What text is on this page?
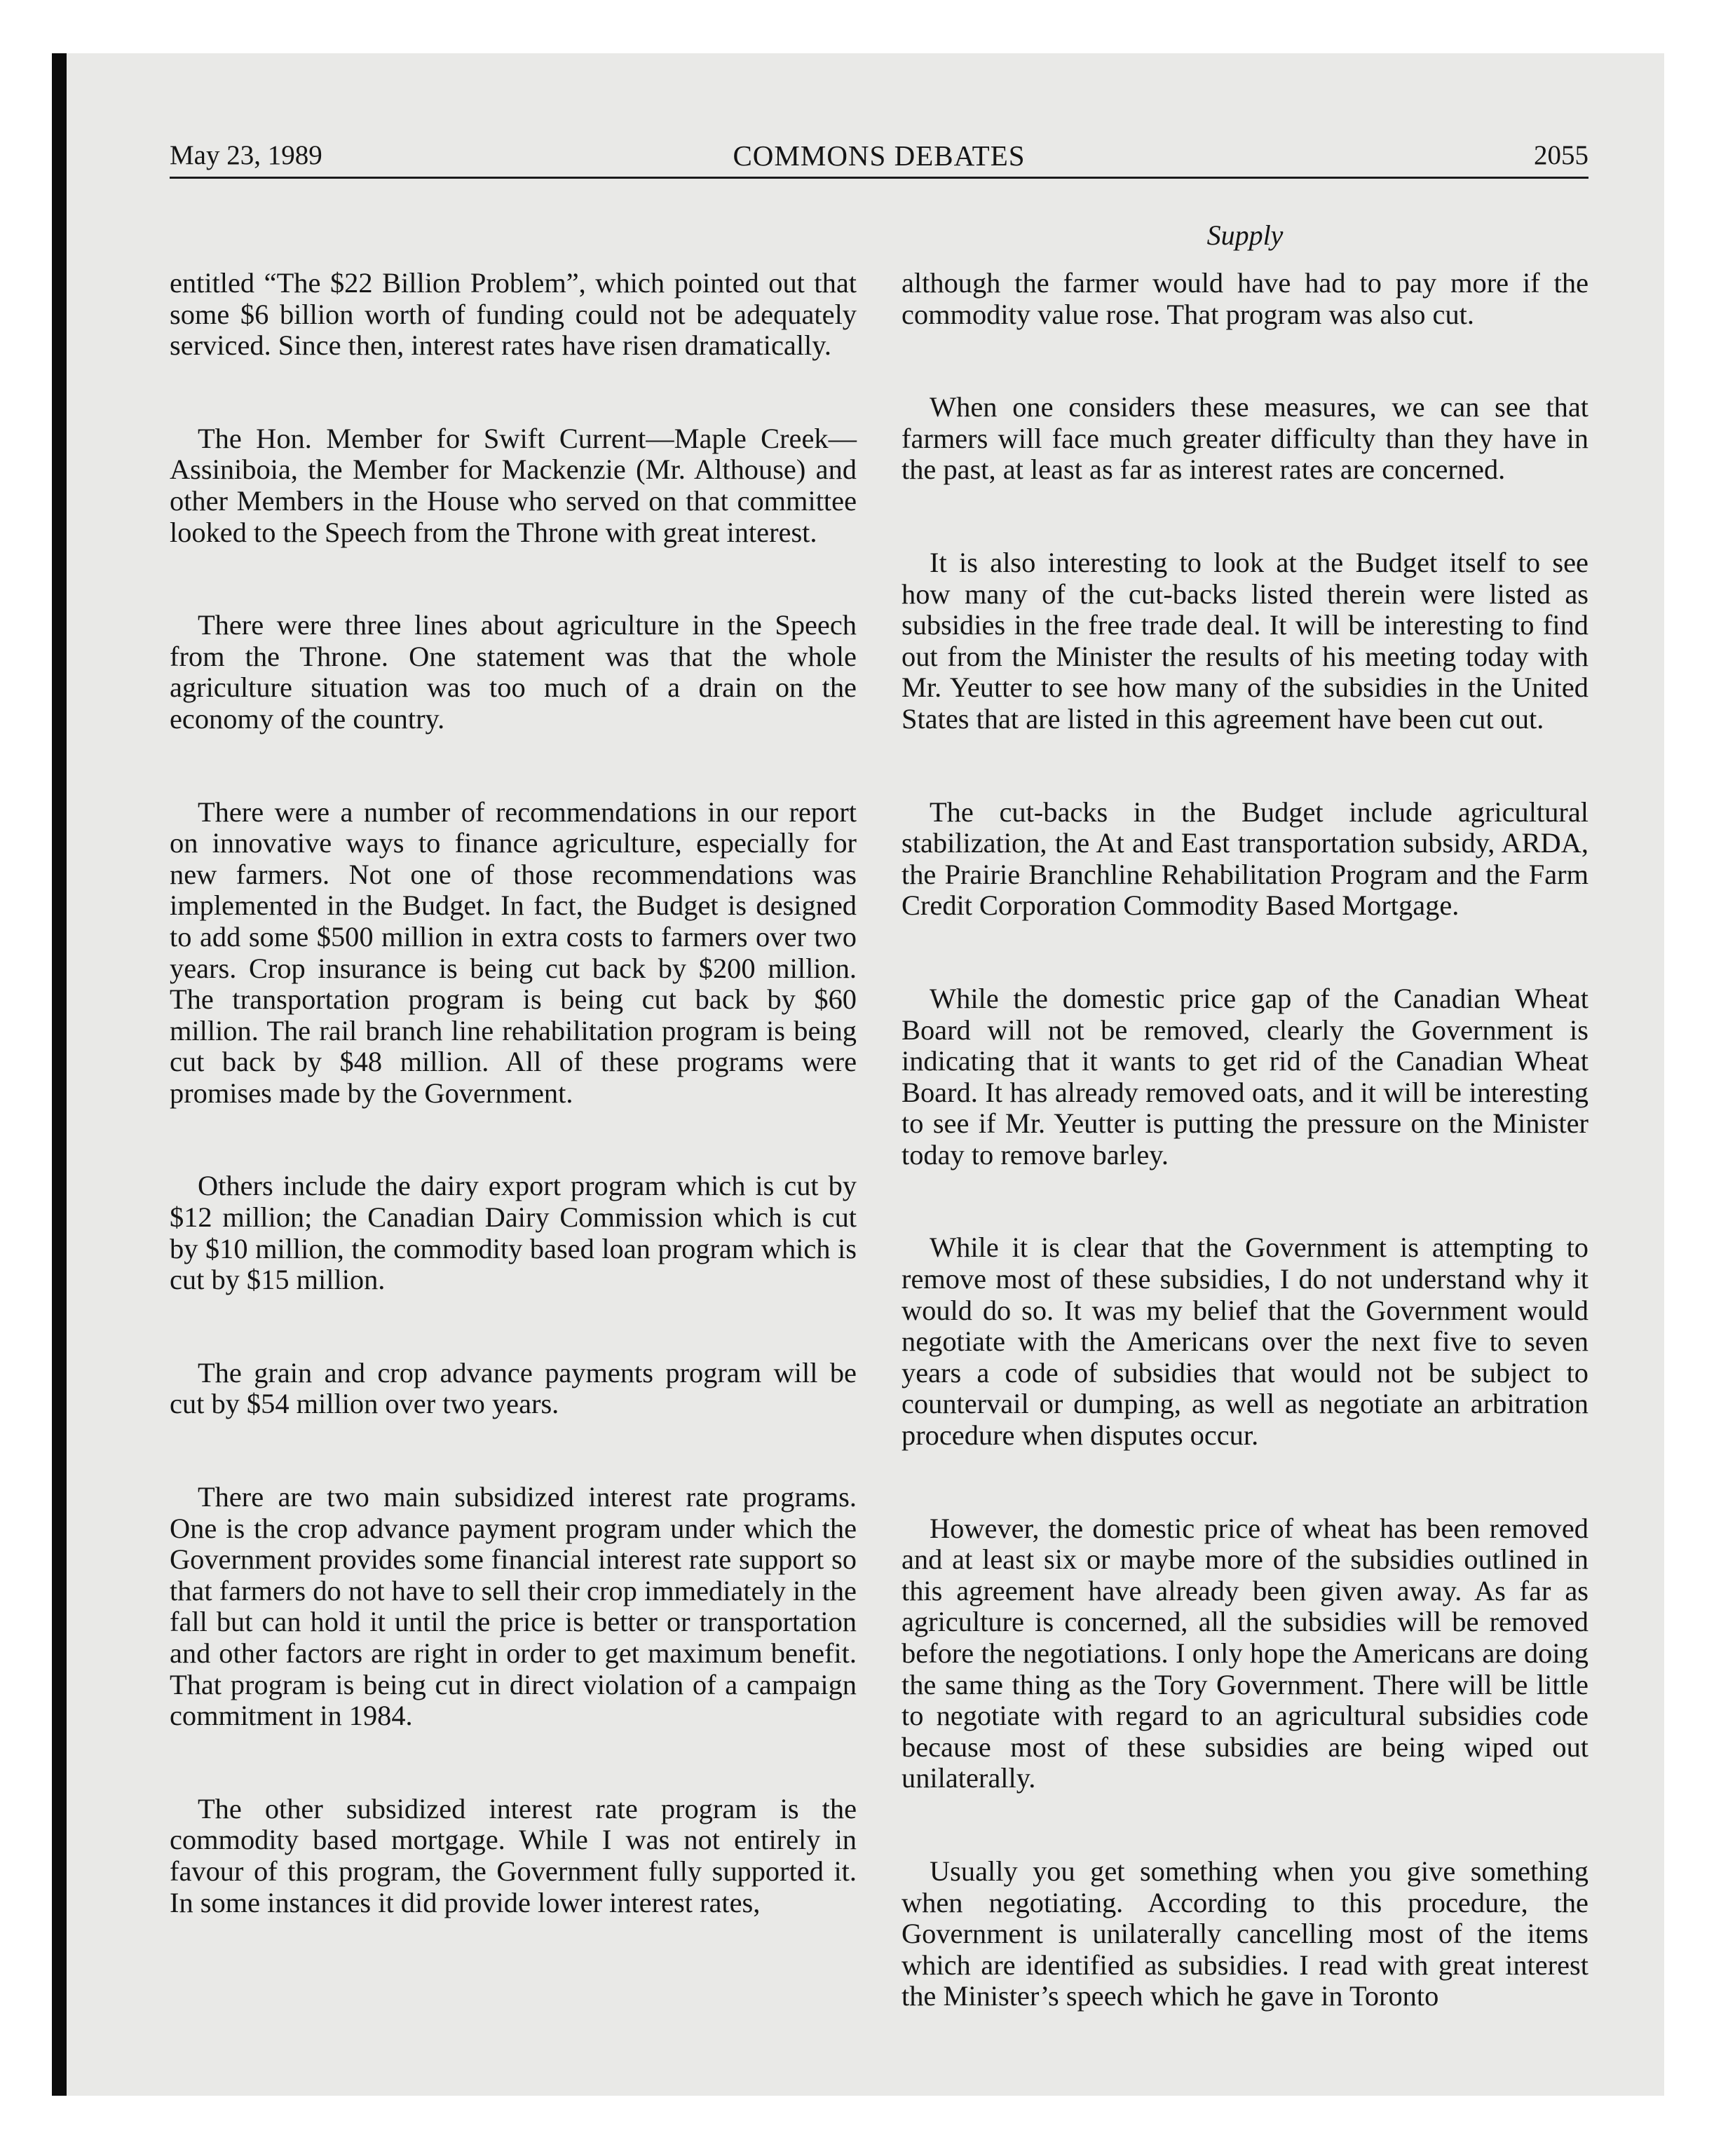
May 23, 1989	COMMONS DEBATES	2055
Supply

entitled “The $22 Billion Problem”, which pointed out that some $6 billion worth of funding could not be adequately serviced. Since then, interest rates have risen dramatically.

The Hon. Member for Swift Current—Maple Creek—Assiniboia, the Member for Mackenzie (Mr. Althouse) and other Members in the House who served on that committee looked to the Speech from the Throne with great interest.

There were three lines about agriculture in the Speech from the Throne. One statement was that the whole agriculture situation was too much of a drain on the economy of the country.

There were a number of recommendations in our report on innovative ways to finance agriculture, especially for new farmers. Not one of those recommendations was implemented in the Budget. In fact, the Budget is designed to add some $500 million in extra costs to farmers over two years. Crop insurance is being cut back by $200 million. The transportation program is being cut back by $60 million. The rail branch line rehabilitation program is being cut back by $48 million. All of these programs were promises made by the Government.

Others include the dairy export program which is cut by $12 million; the Canadian Dairy Commission which is cut by $10 million, the commodity based loan program which is cut by $15 million.

The grain and crop advance payments program will be cut by $54 million over two years.

There are two main subsidized interest rate programs. One is the crop advance payment program under which the Government provides some financial interest rate support so that farmers do not have to sell their crop immediately in the fall but can hold it until the price is better or transportation and other factors are right in order to get maximum benefit. That program is being cut in direct violation of a campaign commitment in 1984.

The other subsidized interest rate program is the commodity based mortgage. While I was not entirely in favour of this program, the Government fully supported it. In some instances it did provide lower interest rates,

although the farmer would have had to pay more if the commodity value rose. That program was also cut.

When one considers these measures, we can see that farmers will face much greater difficulty than they have in the past, at least as far as interest rates are concerned.

It is also interesting to look at the Budget itself to see how many of the cut-backs listed therein were listed as subsidies in the free trade deal. It will be interesting to find out from the Minister the results of his meeting today with Mr. Yeutter to see how many of the subsidies in the United States that are listed in this agreement have been cut out.

The cut-backs in the Budget include agricultural stabilization, the At and East transportation subsidy, ARDA, the Prairie Branchline Rehabilitation Program and the Farm Credit Corporation Commodity Based Mortgage.

While the domestic price gap of the Canadian Wheat Board will not be removed, clearly the Government is indicating that it wants to get rid of the Canadian Wheat Board. It has already removed oats, and it will be interesting to see if Mr. Yeutter is putting the pressure on the Minister today to remove barley.

While it is clear that the Government is attempting to remove most of these subsidies, I do not understand why it would do so. It was my belief that the Government would negotiate with the Americans over the next five to seven years a code of subsidies that would not be subject to countervail or dumping, as well as negotiate an arbitration procedure when disputes occur.

However, the domestic price of wheat has been removed and at least six or maybe more of the subsidies outlined in this agreement have already been given away. As far as agriculture is concerned, all the subsidies will be removed before the negotiations. I only hope the Americans are doing the same thing as the Tory Government. There will be little to negotiate with regard to an agricultural subsidies code because most of these subsidies are being wiped out unilaterally.

Usually you get something when you give something when negotiating. According to this procedure, the Government is unilaterally cancelling most of the items which are identified as subsidies. I read with great interest the Minister’s speech which he gave in Toronto
